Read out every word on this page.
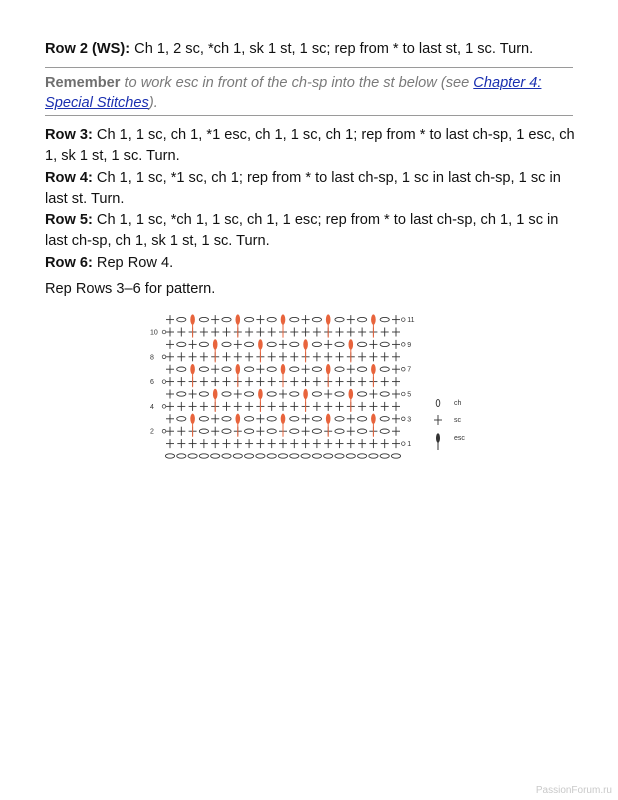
Row 2 (WS): Ch 1, 2 sc, *ch 1, sk 1 st, 1 sc; rep from * to last st, 1 sc. Turn.

Remember to work esc in front of the ch-sp into the st below (see Chapter 4: Special Stitches).

Row 3: Ch 1, 1 sc, ch 1, *1 esc, ch 1, 1 sc, ch 1; rep from * to last ch-sp, 1 esc, ch 1, sk 1 st, 1 sc. Turn.

Row 4: Ch 1, 1 sc, *1 sc, ch 1; rep from * to last ch-sp, 1 sc in last ch-sp, 1 sc in last st. Turn.

Row 5: Ch 1, 1 sc, *ch 1, 1 sc, ch 1, 1 esc; rep from * to last ch-sp, ch 1, 1 sc in last ch-sp, ch 1, sk 1 st, 1 sc. Turn.

Row 6: Rep Row 4.

Rep Rows 3–6 for pattern.

10
8
6
4
2
11
9
7
5
3
1
ch
sc
esc
PassionForum.ru
